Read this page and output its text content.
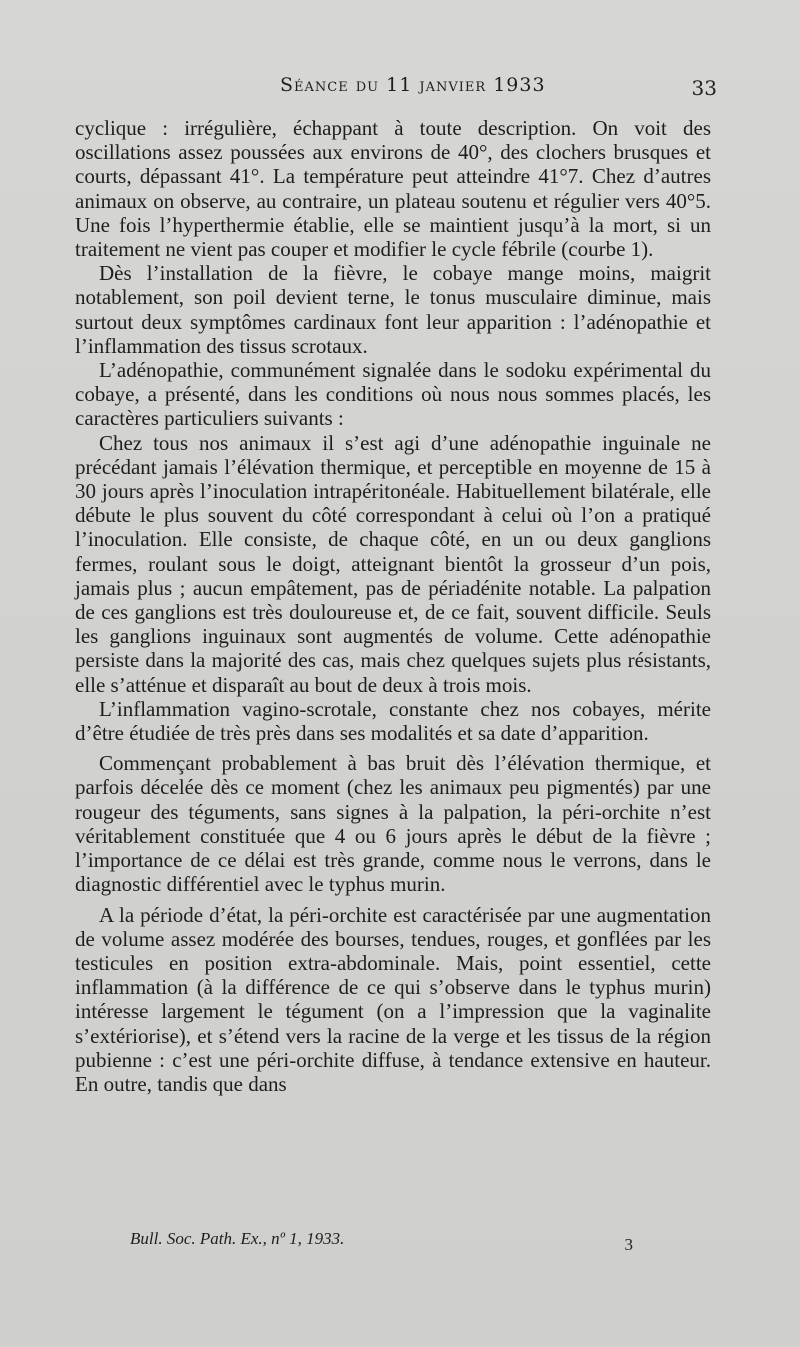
Séance du 11 janvier 1933	33

cyclique : irrégulière, échappant à toute description. On voit des oscillations assez poussées aux environs de 40°, des clochers brusques et courts, dépassant 41°. La température peut atteindre 41°7. Chez d’autres animaux on observe, au contraire, un plateau soutenu et régulier vers 40°5. Une fois l’hyperthermie établie, elle se maintient jusqu’à la mort, si un traitement ne vient pas couper et modifier le cycle fébrile (courbe 1).

Dès l’installation de la fièvre, le cobaye mange moins, maigrit notablement, son poil devient terne, le tonus musculaire diminue, mais surtout deux symptômes cardinaux font leur apparition : l’adénopathie et l’inflammation des tissus scrotaux.

L’adénopathie, communément signalée dans le sodoku expérimental du cobaye, a présenté, dans les conditions où nous nous sommes placés, les caractères particuliers suivants :

Chez tous nos animaux il s’est agi d’une adénopathie inguinale ne précédant jamais l’élévation thermique, et perceptible en moyenne de 15 à 30 jours après l’inoculation intrapéritonéale. Habituellement bilatérale, elle débute le plus souvent du côté correspondant à celui où l’on a pratiqué l’inoculation. Elle consiste, de chaque côté, en un ou deux ganglions fermes, roulant sous le doigt, atteignant bientôt la grosseur d’un pois, jamais plus ; aucun empâtement, pas de périadénite notable. La palpation de ces ganglions est très douloureuse et, de ce fait, souvent difficile. Seuls les ganglions inguinaux sont augmentés de volume. Cette adénopathie persiste dans la majorité des cas, mais chez quelques sujets plus résistants, elle s’atténue et disparaît au bout de deux à trois mois.

L’inflammation vagino-scrotale, constante chez nos cobayes, mérite d’être étudiée de très près dans ses modalités et sa date d’apparition.

Commençant probablement à bas bruit dès l’élévation thermique, et parfois décelée dès ce moment (chez les animaux peu pigmentés) par une rougeur des téguments, sans signes à la palpation, la péri-orchite n’est véritablement constituée que 4 ou 6 jours après le début de la fièvre ; l’importance de ce délai est très grande, comme nous le verrons, dans le diagnostic différentiel avec le typhus murin.

A la période d’état, la péri-orchite est caractérisée par une augmentation de volume assez modérée des bourses, tendues, rouges, et gonflées par les testicules en position extra-abdominale. Mais, point essentiel, cette inflammation (à la différence de ce qui s’observe dans le typhus murin) intéresse largement le tégument (on a l’impression que la vaginalite s’extériorise), et s’étend vers la racine de la verge et les tissus de la région pubienne : c’est une péri-orchite diffuse, à tendance extensive en hauteur. En outre, tandis que dans

Bull. Soc. Path. Ex., nº 1, 1933.	3
